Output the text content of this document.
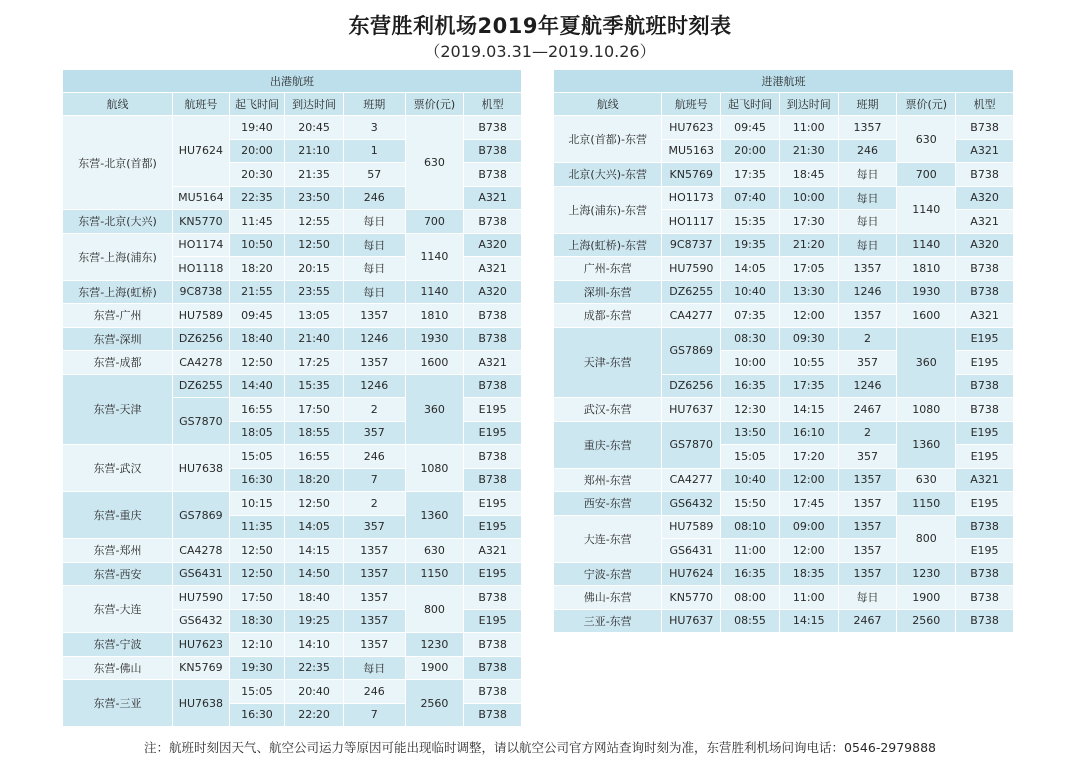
东营胜利机场2019年夏航季航班时刻表
（2019.03.31—2019.10.26）
出港航班						
航线	航班号	起飞时间	到达时间	班期	票价(元)	机型
东营-北京(首都)	HU7624	19:40	20:45	3	630	B738
		20:00	21:10	1		B738
		20:30	21:35	57		B738
	MU5164	22:35	23:50	246		A321
东营-北京(大兴)	KN5770	11:45	12:55	每日	700	B738
东营-上海(浦东)	HO1174	10:50	12:50	每日	1140	A320
	HO1118	18:20	20:15	每日		A321
东营-上海(虹桥)	9C8738	21:55	23:55	每日	1140	A320
东营-广州	HU7589	09:45	13:05	1357	1810	B738
东营-深圳	DZ6256	18:40	21:40	1246	1930	B738
东营-成都	CA4278	12:50	17:25	1357	1600	A321
东营-天津	DZ6255	14:40	15:35	1246	360	B738
	GS7870	16:55	17:50	2		E195
		18:05	18:55	357		E195
东营-武汉	HU7638	15:05	16:55	246	1080	B738
		16:30	18:20	7		B738
东营-重庆	GS7869	10:15	12:50	2	1360	E195
		11:35	14:05	357		E195
东营-郑州	CA4278	12:50	14:15	1357	630	A321
东营-西安	GS6431	12:50	14:50	1357	1150	E195
东营-大连	HU7590	17:50	18:40	1357	800	B738
	GS6432	18:30	19:25	1357		E195
东营-宁波	HU7623	12:10	14:10	1357	1230	B738
东营-佛山	KN5769	19:30	22:35	每日	1900	B738
东营-三亚	HU7638	15:05	20:40	246	2560	B738
		16:30	22:20	7		B738
进港航班						
航线	航班号	起飞时间	到达时间	班期	票价(元)	机型
北京(首都)-东营	HU7623	09:45	11:00	1357	630	B738
	MU5163	20:00	21:30	246		A321
北京(大兴)-东营	KN5769	17:35	18:45	每日	700	B738
上海(浦东)-东营	HO1173	07:40	10:00	每日	1140	A320
	HO1117	15:35	17:30	每日		A321
上海(虹桥)-东营	9C8737	19:35	21:20	每日	1140	A320
广州-东营	HU7590	14:05	17:05	1357	1810	B738
深圳-东营	DZ6255	10:40	13:30	1246	1930	B738
成都-东营	CA4277	07:35	12:00	1357	1600	A321
天津-东营	GS7869	08:30	09:30	2	360	E195
		10:00	10:55	357		E195
	DZ6256	16:35	17:35	1246		B738
武汉-东营	HU7637	12:30	14:15	2467	1080	B738
重庆-东营	GS7870	13:50	16:10	2	1360	E195
		15:05	17:20	357		E195
郑州-东营	CA4277	10:40	12:00	1357	630	A321
西安-东营	GS6432	15:50	17:45	1357	1150	E195
大连-东营	HU7589	08:10	09:00	1357	800	B738
	GS6431	11:00	12:00	1357		E195
宁波-东营	HU7624	16:35	18:35	1357	1230	B738
佛山-东营	KN5770	08:00	11:00	每日	1900	B738
三亚-东营	HU7637	08:55	14:15	2467	2560	B738
注：航班时刻因天气、航空公司运力等原因可能出现临时调整，请以航空公司官方网站查询时刻为准，东营胜利机场问询电话：0546-2979888
